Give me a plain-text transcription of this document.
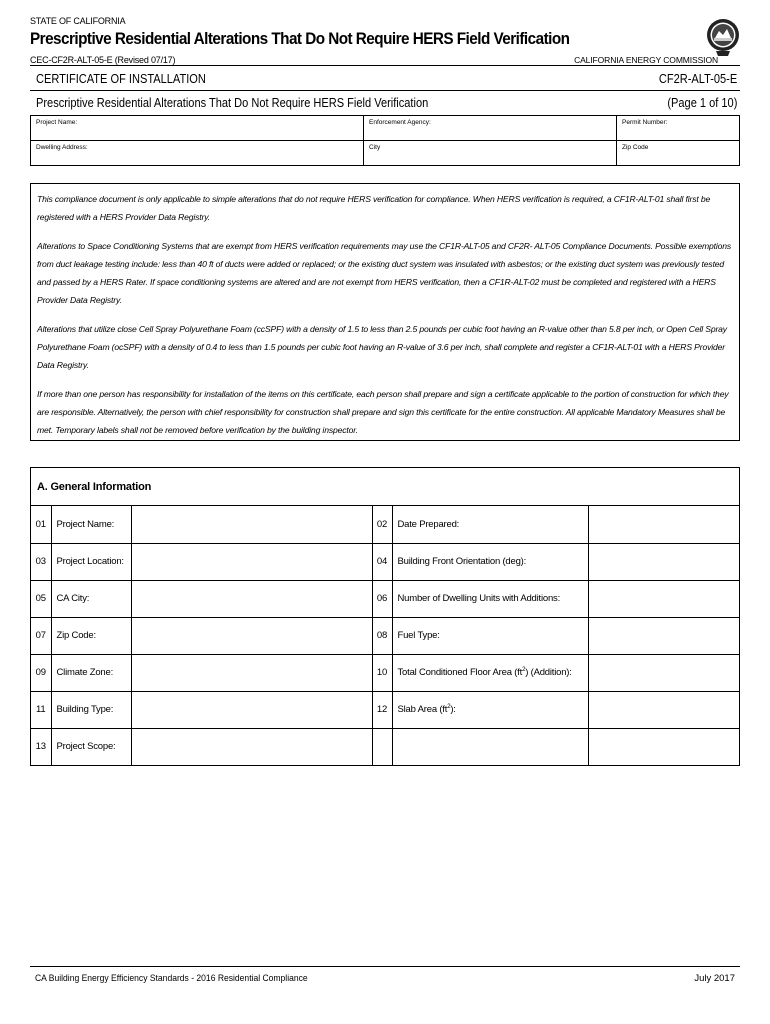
STATE OF CALIFORNIA
Prescriptive Residential Alterations That Do Not Require HERS Field Verification
CEC-CF2R-ALT-05-E (Revised 07/17)	CALIFORNIA ENERGY COMMISSION
CERTIFICATE OF INSTALLATION	CF2R-ALT-05-E
Prescriptive Residential Alterations That Do Not Require HERS Field Verification	(Page 1 of 10)
Project Name:	Enforcement Agency:	Permit Number:
Dwelling Address:	City	Zip Code

This compliance document is only applicable to simple alterations that do not require HERS verification for compliance. When HERS verification is required, a CF1R-ALT-01 shall first be registered with a HERS Provider Data Registry.

Alterations to Space Conditioning Systems that are exempt from HERS verification requirements may use the CF1R-ALT-05 and CF2R- ALT-05 Compliance Documents. Possible exemptions from duct leakage testing include: less than 40 ft of ducts were added or replaced; or the existing duct system was insulated with asbestos; or the existing duct system was previously tested and passed by a HERS Rater. If space conditioning systems are altered and are not exempt from HERS verification, then a CF1R-ALT-02 must be completed and registered with a HERS Provider Data Registry.

Alterations that utilize close Cell Spray Polyurethane Foam (ccSPF) with a density of 1.5 to less than 2.5 pounds per cubic foot having an R-value other than 5.8 per inch, or Open Cell Spray Polyurethane Foam (ocSPF) with a density of 0.4 to less than 1.5 pounds per cubic foot having an R-value of 3.6 per inch, shall complete and register a CF1R-ALT-01 with a HERS Provider Data Registry.

If more than one person has responsibility for installation of the items on this certificate, each person shall prepare and sign a certificate applicable to the portion of construction for which they are responsible. Alternatively, the person with chief responsibility for construction shall prepare and sign this certificate for the entire construction. All applicable Mandatory Measures shall be met. Temporary labels shall not be removed before verification by the building inspector.

A. General Information
01	Project Name:		02	Date Prepared:	
03	Project Location:		04	Building Front Orientation (deg):	
05	CA City:		06	Number of Dwelling Units with Additions:	
07	Zip Code:		08	Fuel Type:	
09	Climate Zone:		10	Total Conditioned Floor Area $(ft^2)$ (Addition):	
11	Building Type:		12	Slab Area $(ft^2)$:	
13	Project Scope:				
CA Building Energy Efficiency Standards - 2016 Residential Compliance	July 2017
